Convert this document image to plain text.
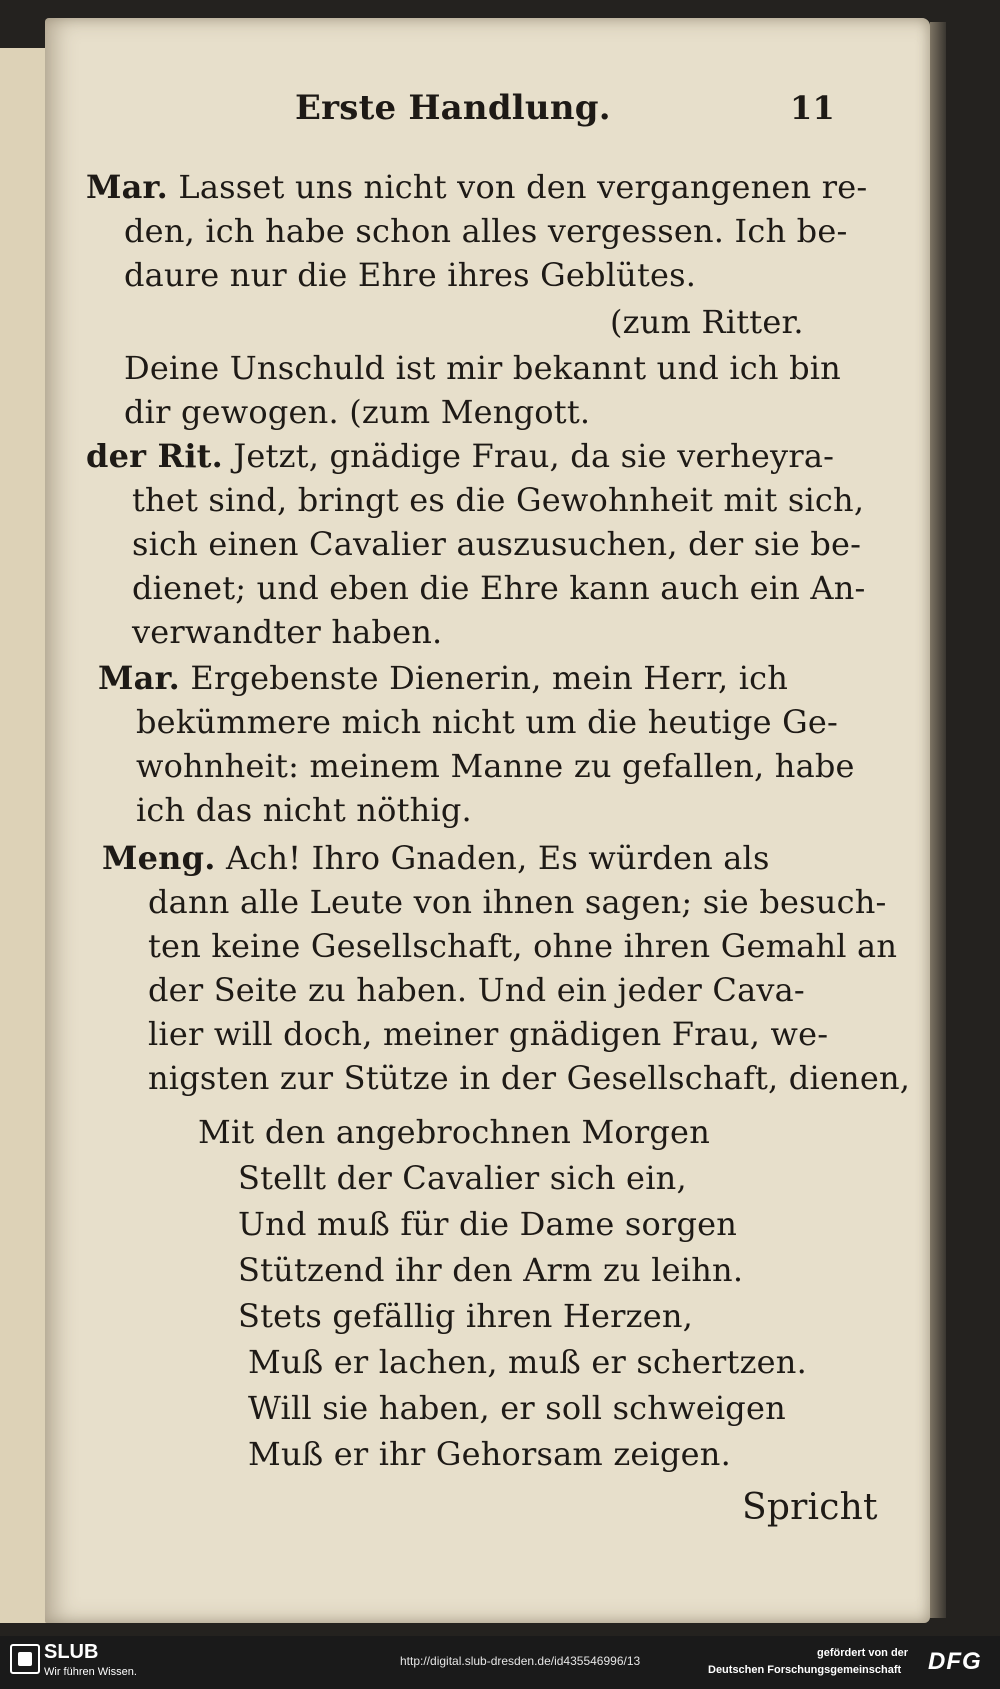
Erste Handlung.	11
Mar. Lasset uns nicht von den vergangenen re-
den, ich habe schon alles vergessen. Ich be-
daure nur die Ehre ihres Geblütes.
(zum Ritter.
Deine Unschuld ist mir bekannt und ich bin
dir gewogen. (zum Mengott.
der Rit. Jetzt, gnädige Frau, da sie verheyra-
thet sind, bringt es die Gewohnheit mit sich,
sich einen Cavalier auszusuchen, der sie be-
dienet; und eben die Ehre kann auch ein An-
verwandter haben.
Mar. Ergebenste Dienerin, mein Herr, ich
bekümmere mich nicht um die heutige Ge-
wohnheit: meinem Manne zu gefallen, habe
ich das nicht nöthig.
Meng. Ach! Ihro Gnaden, Es würden als
dann alle Leute von ihnen sagen; sie besuch-
ten keine Gesellschaft, ohne ihren Gemahl an
der Seite zu haben. Und ein jeder Cava-
lier will doch, meiner gnädigen Frau, we-
nigsten zur Stütze in der Gesellschaft, dienen,
Mit den angebrochnen Morgen
Stellt der Cavalier sich ein,
Und muß für die Dame sorgen
Stützend ihr den Arm zu leihn.
Stets gefällig ihren Herzen,
Muß er lachen, muß er schertzen.
Will sie haben, er soll schweigen
Muß er ihr Gehorsam zeigen.
Spricht
SLUB
Wir führen Wissen.
http://digital.slub-dresden.de/id435546996/13
gefördert von der
Deutschen Forschungsgemeinschaft DFG
